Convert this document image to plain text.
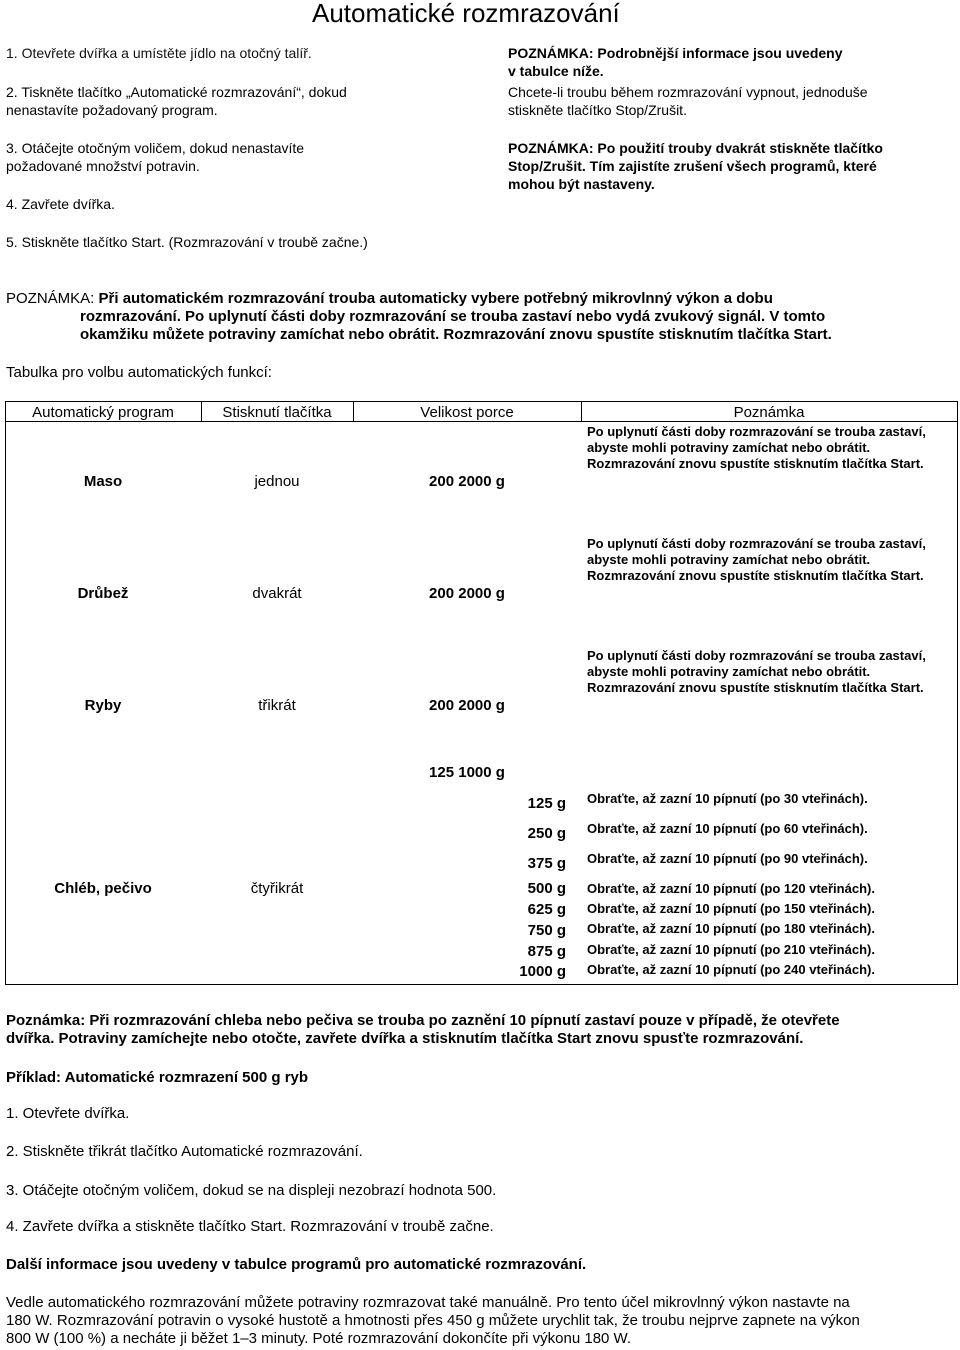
Automatické rozmrazování
1. Otevřete dvířka a umístěte jídlo na otočný talíř.
2. Tiskněte tlačítko „Automatické rozmrazování“, dokud
nenastavíte požadovaný program.
3. Otáčejte otočným voličem, dokud nenastavíte
požadované množství potravin.
4. Zavřete dvířka.
5. Stiskněte tlačítko Start. (Rozmrazování v troubě začne.)
POZNÁMKA: Podrobnější informace jsou uvedeny
v tabulce níže.
Chcete-li troubu během rozmrazování vypnout, jednoduše
stiskněte tlačítko Stop/Zrušit.
POZNÁMKA: Po použití trouby dvakrát stiskněte tlačítko
Stop/Zrušit. Tím zajistíte zrušení všech programů, které
mohou být nastaveny.
POZNÁMKA: Při automatickém rozmrazování trouba automaticky vybere potřebný mikrovlnný výkon a dobu
rozmrazování. Po uplynutí části doby rozmrazování se trouba zastaví nebo vydá zvukový signál. V tomto
okamžiku můžete potraviny zamíchat nebo obrátit. Rozmrazování znovu spustíte stisknutím tlačítka Start.
Tabulka pro volbu automatických funkcí:
Automatický program	Stisknutí tlačítka	Velikost porce	Poznámka
Maso	jednou	200 2000 g
Po uplynutí části doby rozmrazování se trouba zastaví, abyste mohli potraviny zamíchat nebo obrátit.
Rozmrazování znovu spustíte stisknutím tlačítka Start.
Drůbež	dvakrát	200 2000 g
Po uplynutí části doby rozmrazování se trouba zastaví, abyste mohli potraviny zamíchat nebo obrátit.
Rozmrazování znovu spustíte stisknutím tlačítka Start.
Ryby	třikrát	200 2000 g
Po uplynutí části doby rozmrazování se trouba zastaví, abyste mohli potraviny zamíchat nebo obrátit.
Rozmrazování znovu spustíte stisknutím tlačítka Start.
Chléb, pečivo	čtyřikrát
125 1000 g
125 g Obraťte, až zazní 10 pípnutí (po 30 vteřinách).
250 g Obraťte, až zazní 10 pípnutí (po 60 vteřinách).
375 g Obraťte, až zazní 10 pípnutí (po 90 vteřinách).
500 g Obraťte, až zazní 10 pípnutí (po 120 vteřinách).
625 g Obraťte, až zazní 10 pípnutí (po 150 vteřinách).
750 g Obraťte, až zazní 10 pípnutí (po 180 vteřinách).
875 g Obraťte, až zazní 10 pípnutí (po 210 vteřinách).
1000 g Obraťte, až zazní 10 pípnutí (po 240 vteřinách).
Poznámka: Při rozmrazování chleba nebo pečiva se trouba po zaznění 10 pípnutí zastaví pouze v případě, že otevřete
dvířka. Potraviny zamíchejte nebo otočte, zavřete dvířka a stisknutím tlačítka Start znovu spusťte rozmrazování.
Příklad: Automatické rozmrazení 500 g ryb
1. Otevřete dvířka.
2. Stiskněte třikrát tlačítko Automatické rozmrazování.
3. Otáčejte otočným voličem, dokud se na displeji nezobrazí hodnota 500.
4. Zavřete dvířka a stiskněte tlačítko Start. Rozmrazování v troubě začne.
Další informace jsou uvedeny v tabulce programů pro automatické rozmrazování.
Vedle automatického rozmrazování můžete potraviny rozmrazovat také manuálně. Pro tento účel mikrovlnný výkon nastavte na
180 W. Rozmrazování potravin o vysoké hustotě a hmotnosti přes 450 g můžete urychlit tak, že troubu nejprve zapnete na výkon
800 W (100 %) a necháte ji běžet 1–3 minuty. Poté rozmrazování dokončíte při výkonu 180 W.
